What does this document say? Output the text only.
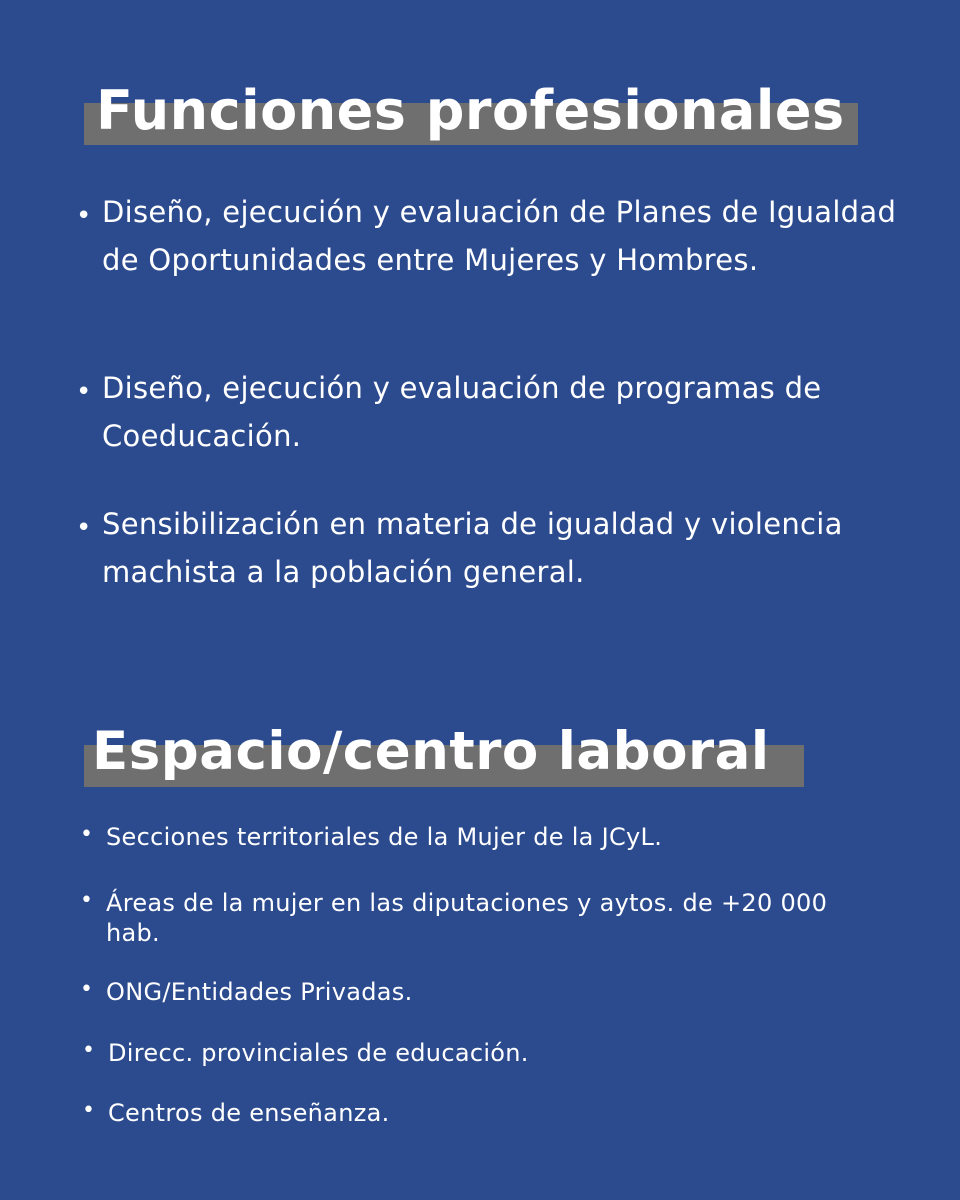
Funciones profesionales
• Diseño, ejecución y evaluación de Planes de Igualdad de Oportunidades entre Mujeres y Hombres.
• Diseño, ejecución y evaluación de programas de Coeducación.
• Sensibilización en materia de igualdad y violencia machista a la población general.
Espacio/centro laboral
• Secciones territoriales de la Mujer de la JCyL.
• Áreas de la mujer en las diputaciones y aytos. de +20 000 hab.
• ONG/Entidades Privadas.
• Direcc. provinciales de educación.
• Centros de enseñanza.
